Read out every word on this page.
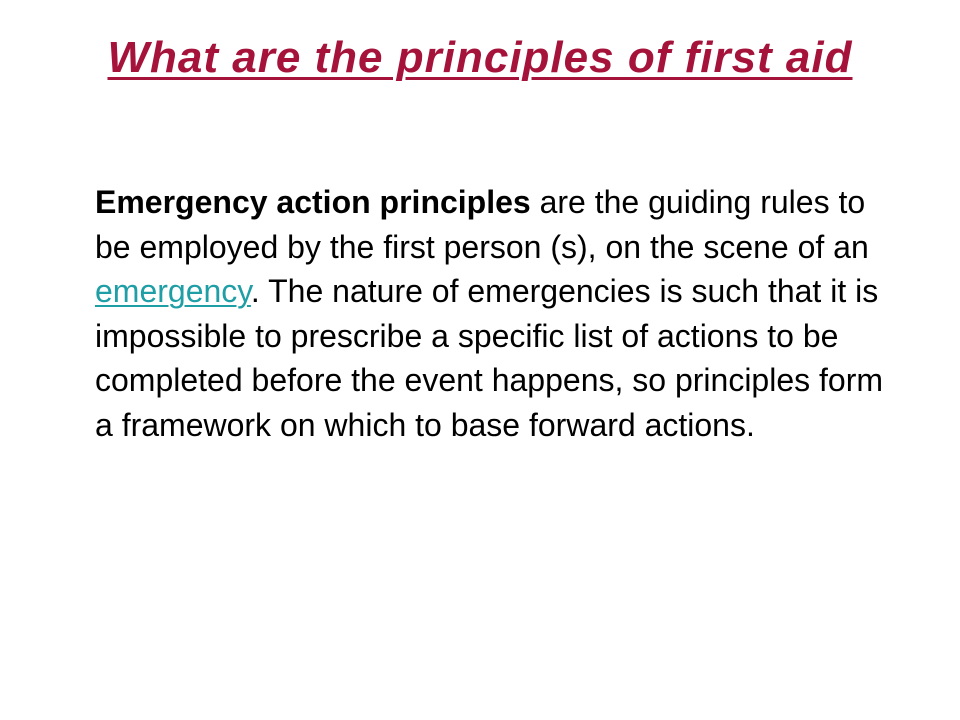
What are the principles of first aid

Emergency action principles are the guiding rules to be employed by the first person (s), on the scene of an emergency. The nature of emergencies is such that it is impossible to prescribe a specific list of actions to be completed before the event happens, so principles form a framework on which to base forward actions.
